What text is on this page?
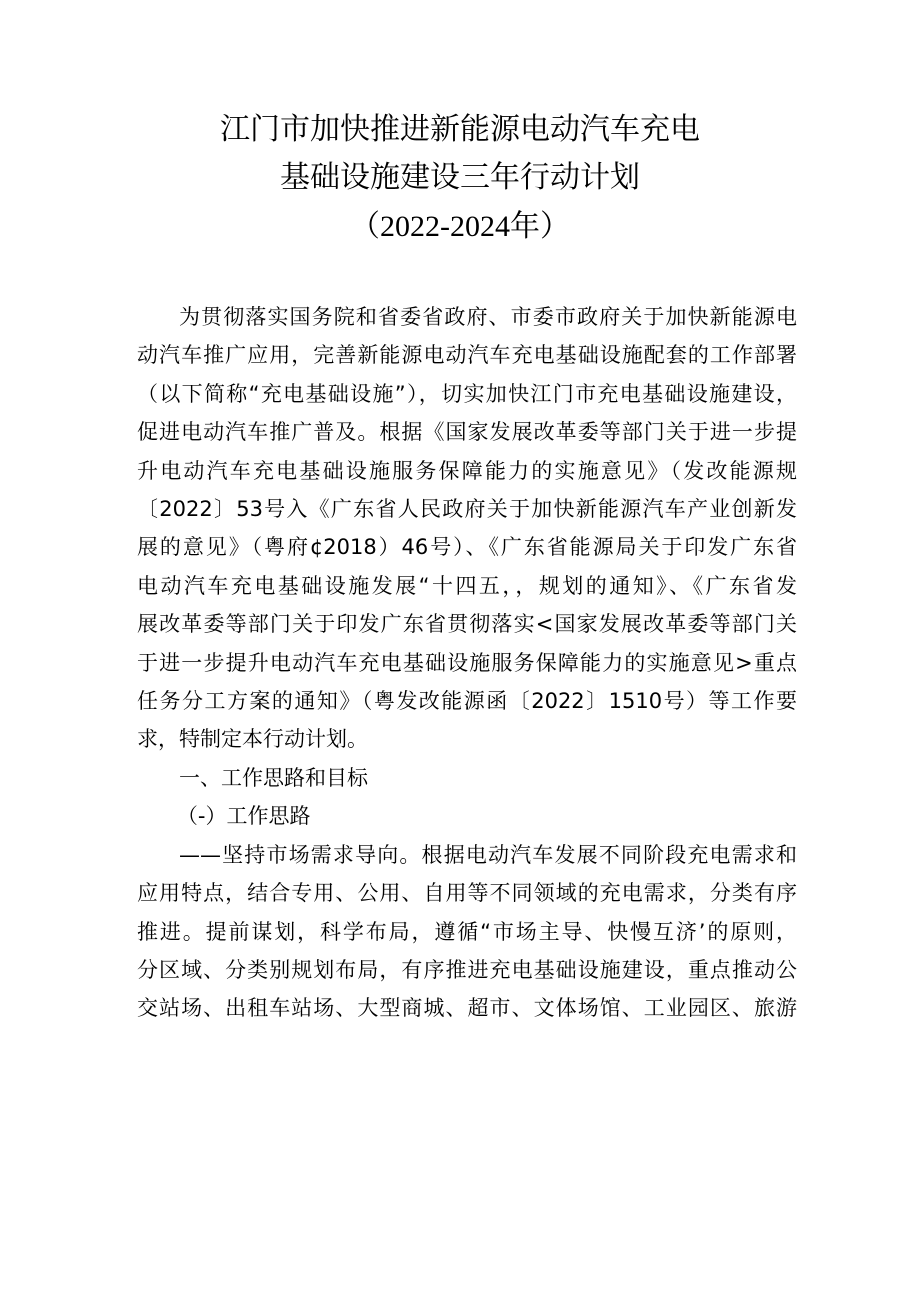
江门市加快推进新能源电动汽车充电
基础设施建设三年行动计划
（2022-2024年）
为贯彻落实国务院和省委省政府、市委市政府关于加快新能源电
动汽车推广应用，完善新能源电动汽车充电基础设施配套的工作部署
（以下简称“充电基础设施”），切实加快江门市充电基础设施建设，
促进电动汽车推广普及。根据《国家发展改革委等部门关于进一步提
升电动汽车充电基础设施服务保障能力的实施意见》（发改能源规
〔2022〕53号入《广东省人民政府关于加快新能源汽车产业创新发
展的意见》（粤府¢2018）46号）、《广东省能源局关于印发广东省
电动汽车充电基础设施发展“十四五，，规划的通知》、《广东省发
展改革委等部门关于印发广东省贯彻落实<国家发展改革委等部门关
于进一步提升电动汽车充电基础设施服务保障能力的实施意见>重点
任务分工方案的通知》（粤发改能源函〔2022〕1510号）等工作要
求，特制定本行动计划。
一、工作思路和目标
（-）工作思路
——坚持市场需求导向。根据电动汽车发展不同阶段充电需求和
应用特点，结合专用、公用、自用等不同领域的充电需求，分类有序
推进。提前谋划，科学布局，遵循“市场主导、快慢互济’的原则，
分区域、分类别规划布局，有序推进充电基础设施建设，重点推动公
交站场、出租车站场、大型商城、超市、文体场馆、工业园区、旅游
